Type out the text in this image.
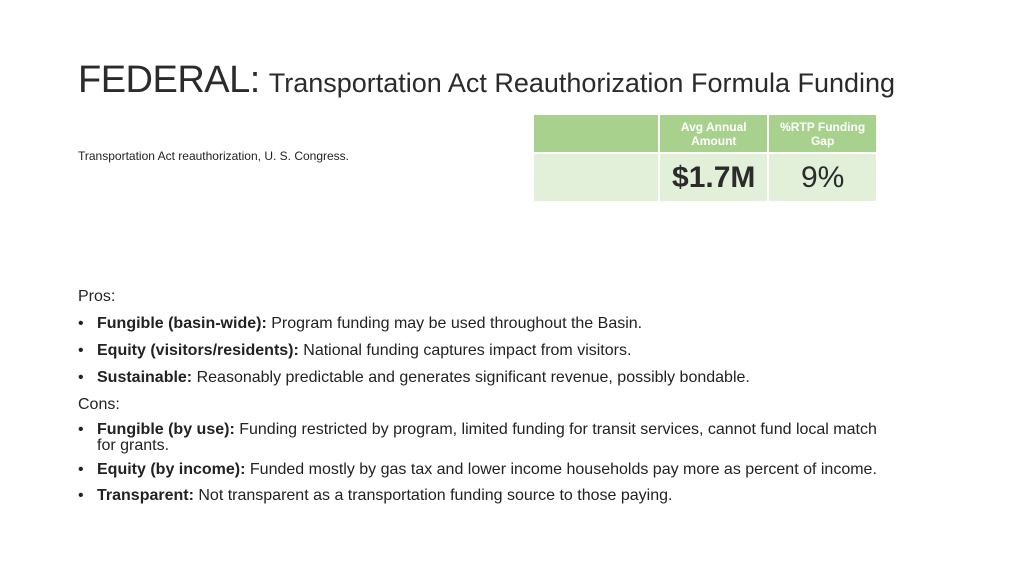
FEDERAL: Transportation Act Reauthorization Formula Funding
Transportation Act reauthorization, U. S. Congress.
	Avg Annual Amount	%RTP Funding Gap
	$1.7M	9%
Pros:
• Fungible (basin-wide): Program funding may be used throughout the Basin.
• Equity (visitors/residents): National funding captures impact from visitors.
• Sustainable: Reasonably predictable and generates significant revenue, possibly bondable.
Cons:
• Fungible (by use): Funding restricted by program, limited funding for transit services, cannot fund local match for grants.
• Equity (by income): Funded mostly by gas tax and lower income households pay more as percent of income.
• Transparent: Not transparent as a transportation funding source to those paying.
